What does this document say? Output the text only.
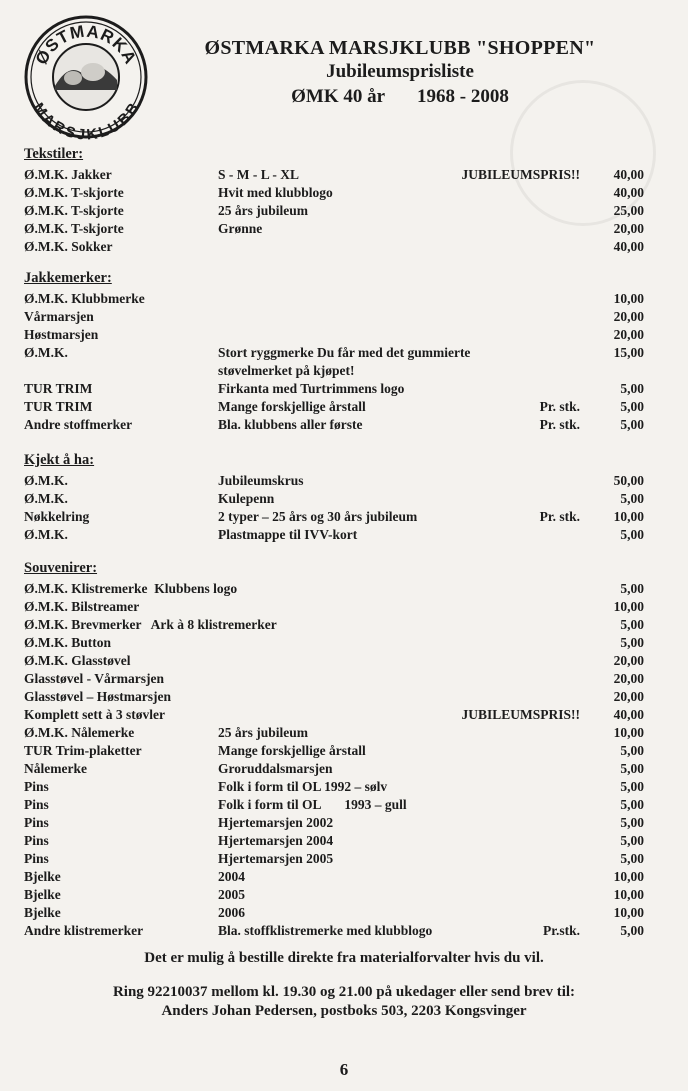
ØSTMARKA
MARSJKLUBB
ØSTMARKA MARSJKLUBB "SHOPPEN"
Jubileumsprisliste
ØMK 40 år 1968 - 2008
Tekstiler:
Jakkemerker:
Kjekt å ha:
Souvenirer:
Ø.M.K. Jakker	S - M - L - XL	JUBILEUMSPRIS!!	40,00
Ø.M.K. T-skjorte	Hvit med klubblogo	40,00
Ø.M.K. T-skjorte	25 års jubileum	25,00
Ø.M.K. T-skjorte	Grønne	20,00
Ø.M.K. Sokker	40,00
Ø.M.K. Klubbmerke	10,00
Vårmarsjen	20,00
Høstmarsjen	20,00
Ø.M.K.	Stort ryggmerke Du får med det gummierte	15,00
støvelmerket på kjøpet!
TUR TRIM	Firkanta med Turtrimmens logo	5,00
TUR TRIM	Mange forskjellige årstall	Pr. stk.	5,00
Andre stoffmerker	Bla. klubbens aller første	Pr. stk.	5,00
Ø.M.K.	Jubileumskrus	50,00
Ø.M.K.	Kulepenn	5,00
Nøkkelring	2 typer – 25 års og 30 års jubileum	Pr. stk.	10,00
Ø.M.K.	Plastmappe til IVV-kort	5,00
Ø.M.K. Klistremerke  Klubbens logo	5,00
Ø.M.K. Bilstreamer	10,00
Ø.M.K. Brevmerker   Ark à 8 klistremerker	5,00
Ø.M.K. Button	5,00
Ø.M.K. Glasstøvel	20,00
Glasstøvel - Vårmarsjen	20,00
Glasstøvel – Høstmarsjen	20,00
Komplett sett à 3 støvler	JUBILEUMSPRIS!!	40,00
Ø.M.K. Nålemerke	25 års jubileum	10,00
TUR Trim-plaketter	Mange forskjellige årstall	5,00
Nålemerke	Groruddalsmarsjen	5,00
Pins	Folk i form til OL 1992 – sølv	5,00
Pins	Folk i form til OL       1993 – gull	5,00
Pins	Hjertemarsjen 2002	5,00
Pins	Hjertemarsjen 2004	5,00
Pins	Hjertemarsjen 2005	5,00
Bjelke	2004	10,00
Bjelke	2005	10,00
Bjelke	2006	10,00
Andre klistremerker	Bla. stoffklistremerke med klubblogo	Pr.stk.	5,00
Det er mulig å bestille direkte fra materialforvalter hvis du vil.
Ring 92210037 mellom kl. 19.30 og 21.00 på ukedager eller send brev til:
Anders Johan Pedersen, postboks 503, 2203 Kongsvinger
6
